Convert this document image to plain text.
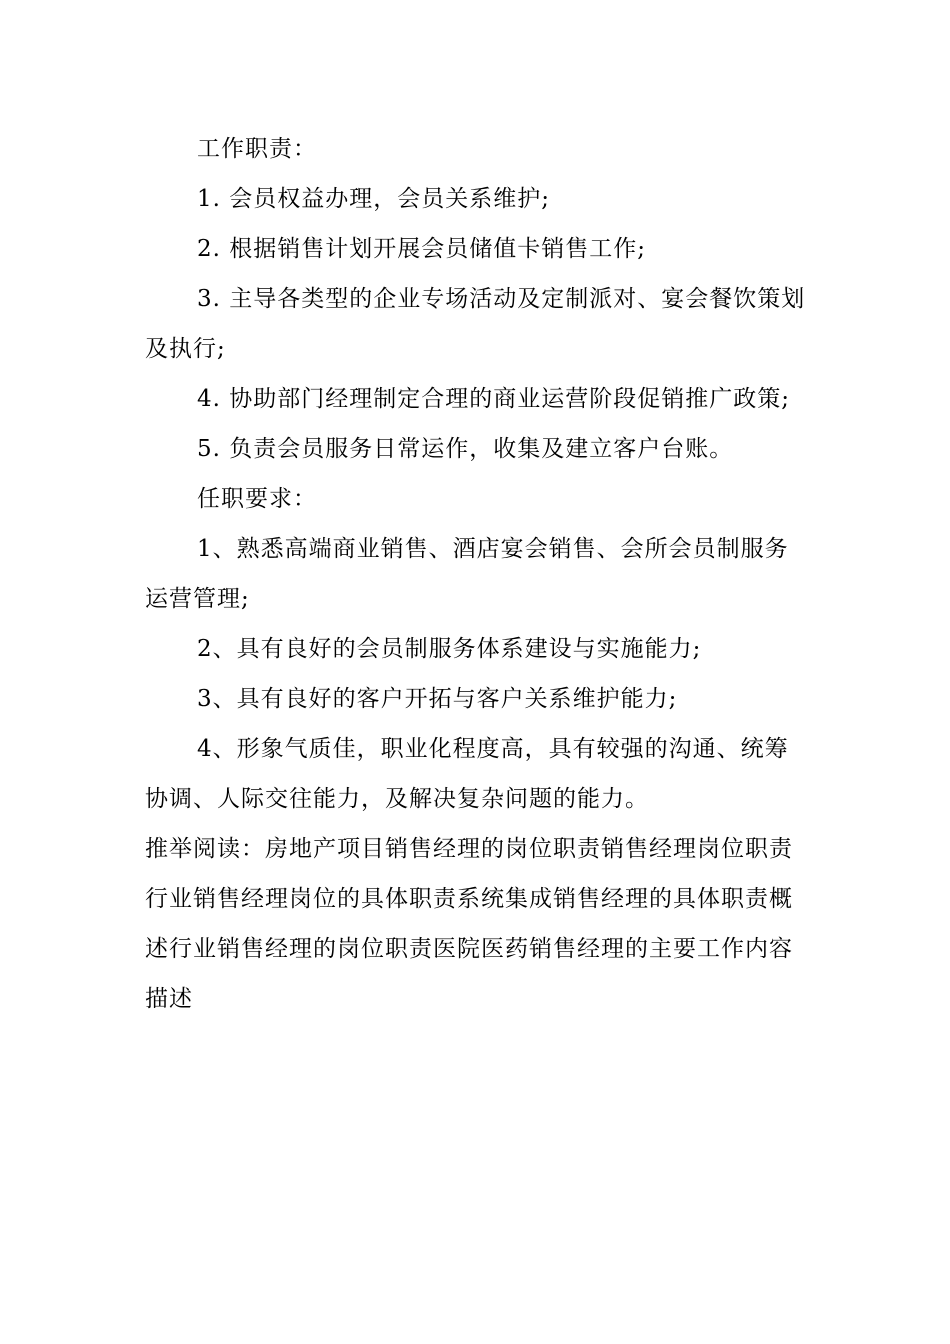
工作职责：

1. 会员权益办理，会员关系维护;

2. 根据销售计划开展会员储值卡销售工作;

3. 主导各类型的企业专场活动及定制派对、宴会餐饮策划及执行;

4. 协助部门经理制定合理的商业运营阶段促销推广政策;

5. 负责会员服务日常运作，收集及建立客户台账。

任职要求：

1、熟悉高端商业销售、酒店宴会销售、会所会员制服务运营管理;

2、具有良好的会员制服务体系建设与实施能力;

3、具有良好的客户开拓与客户关系维护能力;

4、形象气质佳，职业化程度高，具有较强的沟通、统筹协调、人际交往能力，及解决复杂问题的能力。

推举阅读：房地产项目销售经理的岗位职责销售经理岗位职责行业销售经理岗位的具体职责系统集成销售经理的具体职责概述行业销售经理的岗位职责医院医药销售经理的主要工作内容描述
